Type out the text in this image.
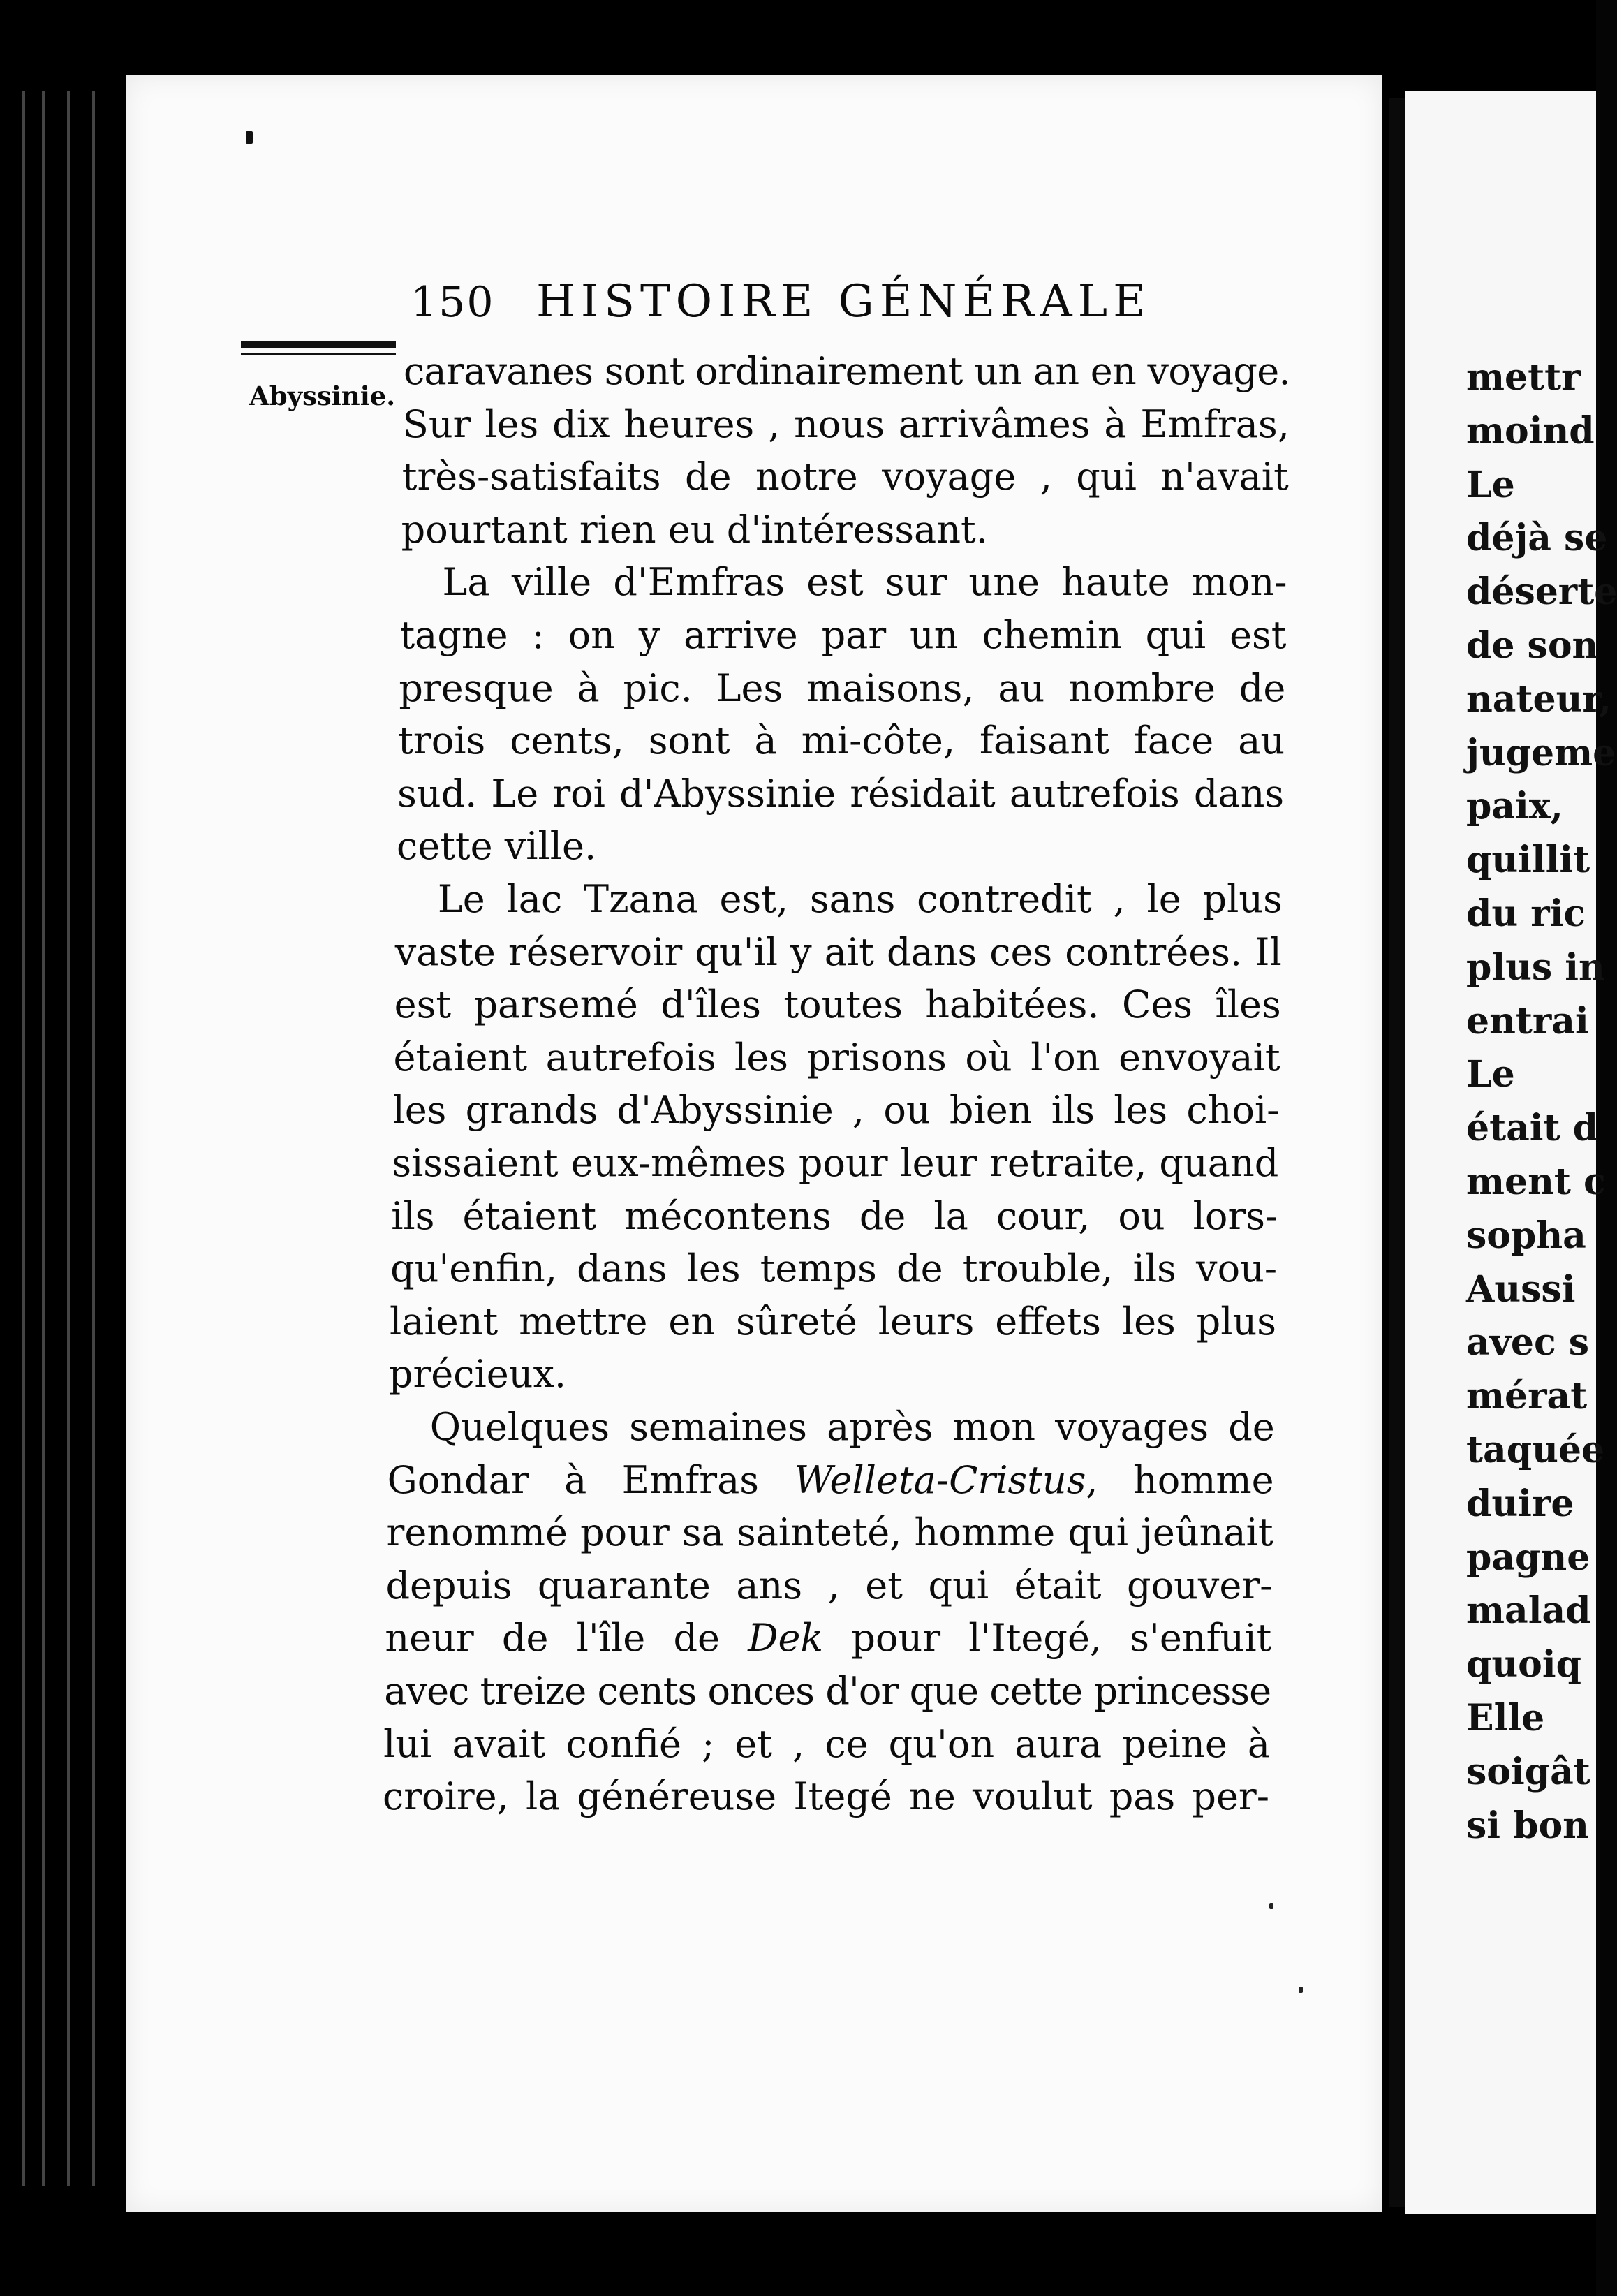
mettr
moind
Le
déjà se
déserte
de son
nateur,
jugeme
paix,
quillit
du ric
plus in
entrai
Le
était d
ment c
sopha
Aussi
avec s
mérat
taquée
duire
pagne
malad
quoiq
Elle
soigât
si bon
150 HISTOIRE GÉNÉRALE
Abyssinie.
caravanes sont ordinairement un an en voyage.
Sur les dix heures , nous arrivâmes à Emfras,
très-satisfaits de notre voyage , qui n'avait
pourtant rien eu d'intéressant.
La ville d'Emfras est sur une haute mon-
tagne : on y arrive par un chemin qui est
presque à pic. Les maisons, au nombre de
trois cents, sont à mi-côte, faisant face au
sud. Le roi d'Abyssinie résidait autrefois dans
cette ville.
Le lac Tzana est, sans contredit , le plus
vaste réservoir qu'il y ait dans ces contrées. Il
est parsemé d'îles toutes habitées. Ces îles
étaient autrefois les prisons où l'on envoyait
les grands d'Abyssinie , ou bien ils les choi-
sissaient eux-mêmes pour leur retraite, quand
ils étaient mécontens de la cour, ou lors-
qu'enfin, dans les temps de trouble, ils vou-
laient mettre en sûreté leurs effets les plus
précieux.
Quelques semaines après mon voyages de
Gondar à Emfras Welleta-Cristus, homme
renommé pour sa sainteté, homme qui jeûnait
depuis quarante ans , et qui était gouver-
neur de l'île de Dek pour l'Itegé, s'enfuit
avec treize cents onces d'or que cette princesse
lui avait confié ; et , ce qu'on aura peine à
croire, la généreuse Itegé ne voulut pas per-
